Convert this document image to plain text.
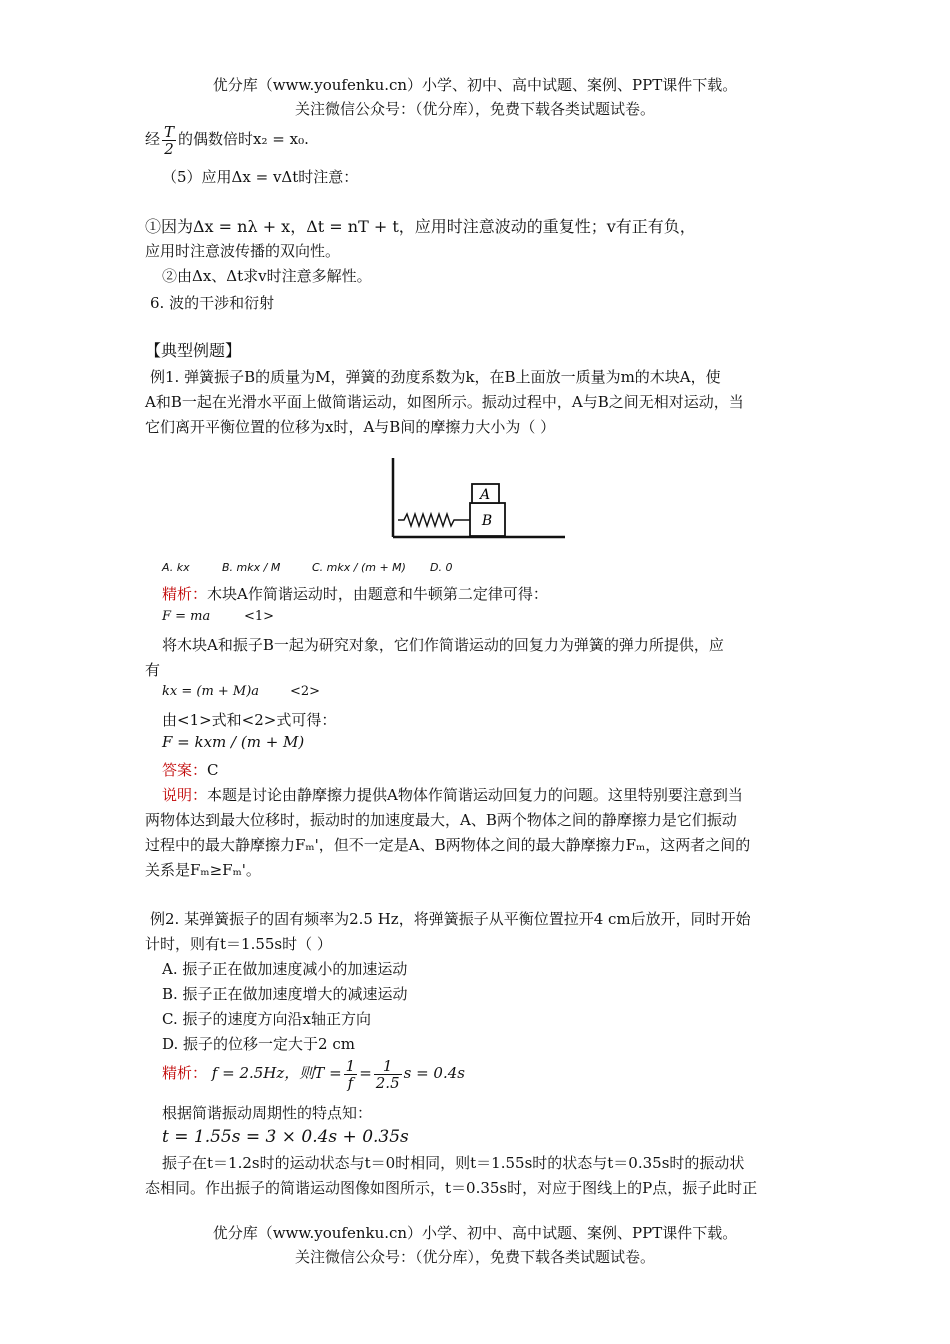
优分库（www.youfenku.cn）小学、初中、高中试题、案例、PPT课件下载。
关注微信公众号：（优分库），免费下载各类试题试卷。
经 $\frac{T}{2}$ 的偶数倍时x₂ = x₀.
（5）应用Δx = vΔt时注意：
①因为Δx = nλ + x，Δt = nT + t，应用时注意波动的重复性；v有正有负，
应用时注意波传播的双向性。
②由Δx、Δt求v时注意多解性。
6. 波的干涉和衍射
【典型例题】
例1. 弹簧振子B的质量为M，弹簧的劲度系数为k，在B上面放一质量为m的木块A，使
A和B一起在光滑水平面上做简谐运动，如图所示。振动过程中，A与B之间无相对运动，当
它们离开平衡位置的位移为x时，A与B间的摩擦力大小为（ ）
A
B
A. kx	B. mkx / M	C. mkx / (m + M) D. 0
精析：木块A作简谐运动时，由题意和牛顿第二定律可得：
F = ma	<1>
将木块A和振子B一起为研究对象，它们作简谐运动的回复力为弹簧的弹力所提供，应
有
kx = (m + M)a <2>
由<1>式和<2>式可得：
F = kxm / (m + M)
答案：C
说明：本题是讨论由静摩擦力提供A物体作简谐运动回复力的问题。这里特别要注意到当
两物体达到最大位移时，振动时的加速度最大，A、B两个物体之间的静摩擦力是它们振动
过程中的最大静摩擦力Fₘ'，但不一定是A、B两物体之间的最大静摩擦力Fₘ，这两者之间的
关系是Fₘ≥Fₘ'。
例2. 某弹簧振子的固有频率为2.5 Hz，将弹簧振子从平衡位置拉开4 cm后放开，同时开始
计时，则有t＝1.55s时（ ）
A. 振子正在做加速度减小的加速运动
B. 振子正在做加速度增大的减速运动
C. 振子的速度方向沿x轴正方向
D. 振子的位移一定大于2 cm
精析： f = 2.5Hz，则$T = \frac{1}{f} = \frac{1}{2.5}$ s = 0.4s
根据简谐振动周期性的特点知：
t = 1.55s = 3 × 0.4s + 0.35s
振子在t＝1.2s时的运动状态与t＝0时相同，则t＝1.55s时的状态与t＝0.35s时的振动状
态相同。作出振子的简谐运动图像如图所示，t＝0.35s时，对应于图线上的P点，振子此时正
优分库（www.youfenku.cn）小学、初中、高中试题、案例、PPT课件下载。
关注微信公众号：（优分库），免费下载各类试题试卷。
